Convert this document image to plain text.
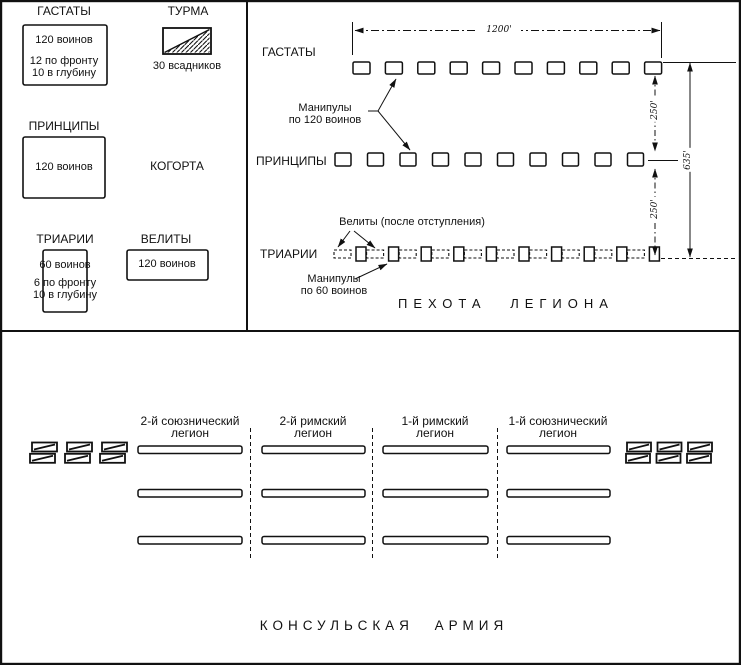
ГАСТАТЫ
120 воинов
12 по фронту
10 в глубину
ТУРМА
30 всадников
ПРИНЦИПЫ
120 воинов	КОГОРТА
ТРИАРИИ
60 воинов
6 по фронту
10 в глубину
ВЕЛИТЫ
120 воинов
ГАСТАТЫ
ПРИНЦИПЫ
ТРИАРИИ
Манипулы
по 120 воинов
Велиты (после отступления)
Манипулы
по 60 воинов
ПЕХОТА ЛЕГИОНА
1200'
250'
250'
635'
2-й союзнический
легион
2-й римский
легион
1-й римский
легион
1-й союзнический
легион
КОНСУЛЬСКАЯ АРМИЯ
